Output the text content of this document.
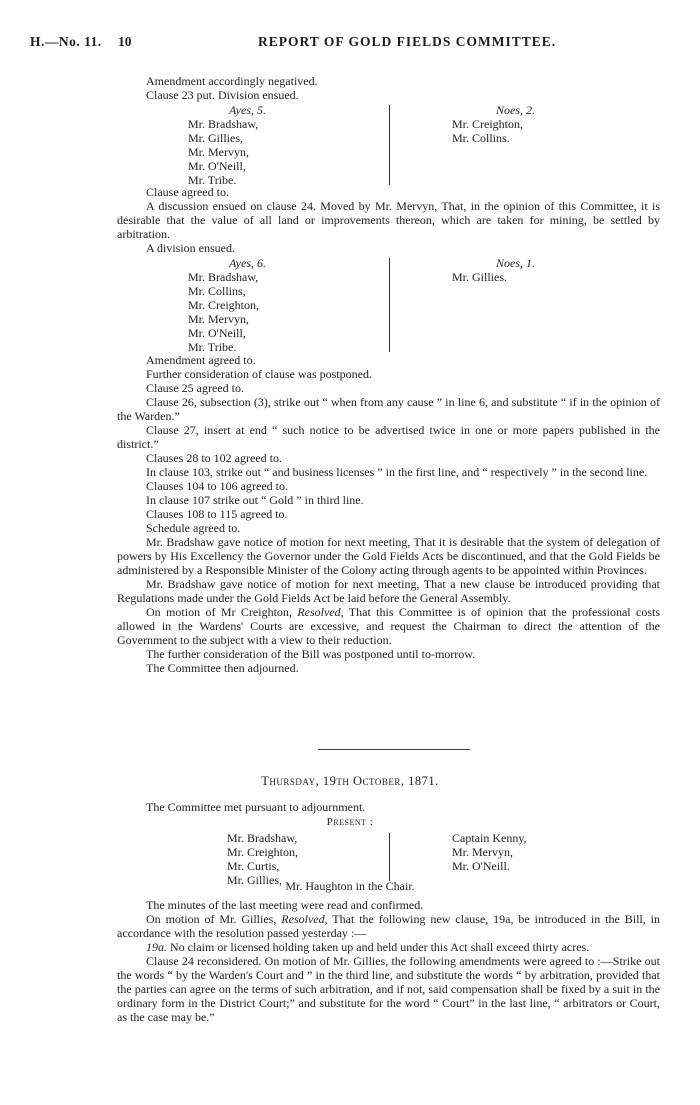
H.—No. 11. 10	REPORT OF GOLD FIELDS COMMITTEE.

Amendment accordingly negatived.

Clause 23 put. Division ensued.

Ayes, 5.
Mr. Bradshaw,
Mr. Gillies,
Mr. Mervyn,
Mr. O'Neill,
Mr. Tribe.
Noes, 2.
Mr. Creighton,
Mr. Collins.

Clause agreed to.

A discussion ensued on clause 24. Moved by Mr. Mervyn, That, in the opinion of this Committee, it is desirable that the value of all land or improvements thereon, which are taken for mining, be settled by arbitration.

A division ensued.

Ayes, 6.
Mr. Bradshaw,
Mr. Collins,
Mr. Creighton,
Mr. Mervyn,
Mr. O'Neill,
Mr. Tribe.
Noes, 1.
Mr. Gillies.

Amendment agreed to.

Further consideration of clause was postponed.

Clause 25 agreed to.

Clause 26, subsection (3), strike out “ when from any cause ” in line 6, and substitute “ if in the opinion of the Warden.”

Clause 27, insert at end “ such notice to be advertised twice in one or more papers published in the district.”

Clauses 28 to 102 agreed to.

In clause 103, strike out “ and business licenses ” in the first line, and “ respectively ” in the second line.

Clauses 104 to 106 agreed to.

In clause 107 strike out “ Gold ” in third line.

Clauses 108 to 115 agreed to.

Schedule agreed to.

Mr. Bradshaw gave notice of motion for next meeting, That it is desirable that the system of delegation of powers by His Excellency the Governor under the Gold Fields Acts be discontinued, and that the Gold Fields be administered by a Responsible Minister of the Colony acting through agents to be appointed within Provinces.

Mr. Bradshaw gave notice of motion for next meeting, That a new clause be introduced providing that Regulations made under the Gold Fields Act be laid before the General Assembly.

On motion of Mr Creighton, Resolved, That this Committee is of opinion that the professional costs allowed in the Wardens' Courts are excessive, and request the Chairman to direct the attention of the Government to the subject with a view to their reduction.

The further consideration of the Bill was postponed until to-morrow.

The Committee then adjourned.

Thursday, 19th October, 1871.

The Committee met pursuant to adjournment.

Present :
Mr. Bradshaw,
Mr. Creighton,
Mr. Curtis,
Mr. Gillies,
Captain Kenny,
Mr. Mervyn,
Mr. O'Neill.
Mr. Haughton in the Chair.

The minutes of the last meeting were read and confirmed.

On motion of Mr. Gillies, Resolved, That the following new clause, 19a, be introduced in the Bill, in accordance with the resolution passed yesterday :—

19a. No claim or licensed holding taken up and held under this Act shall exceed thirty acres.

Clause 24 reconsidered. On motion of Mr. Gillies, the following amendments were agreed to :—Strike out the words “ by the Warden's Court and ” in the third line, and substitute the words “ by arbitration, provided that the parties can agree on the terms of such arbitration, and if not, said compensation shall be fixed by a suit in the ordinary form in the District Court;” and substitute for the word “ Court” in the last line, “ arbitrators or Court, as the case may be.”
